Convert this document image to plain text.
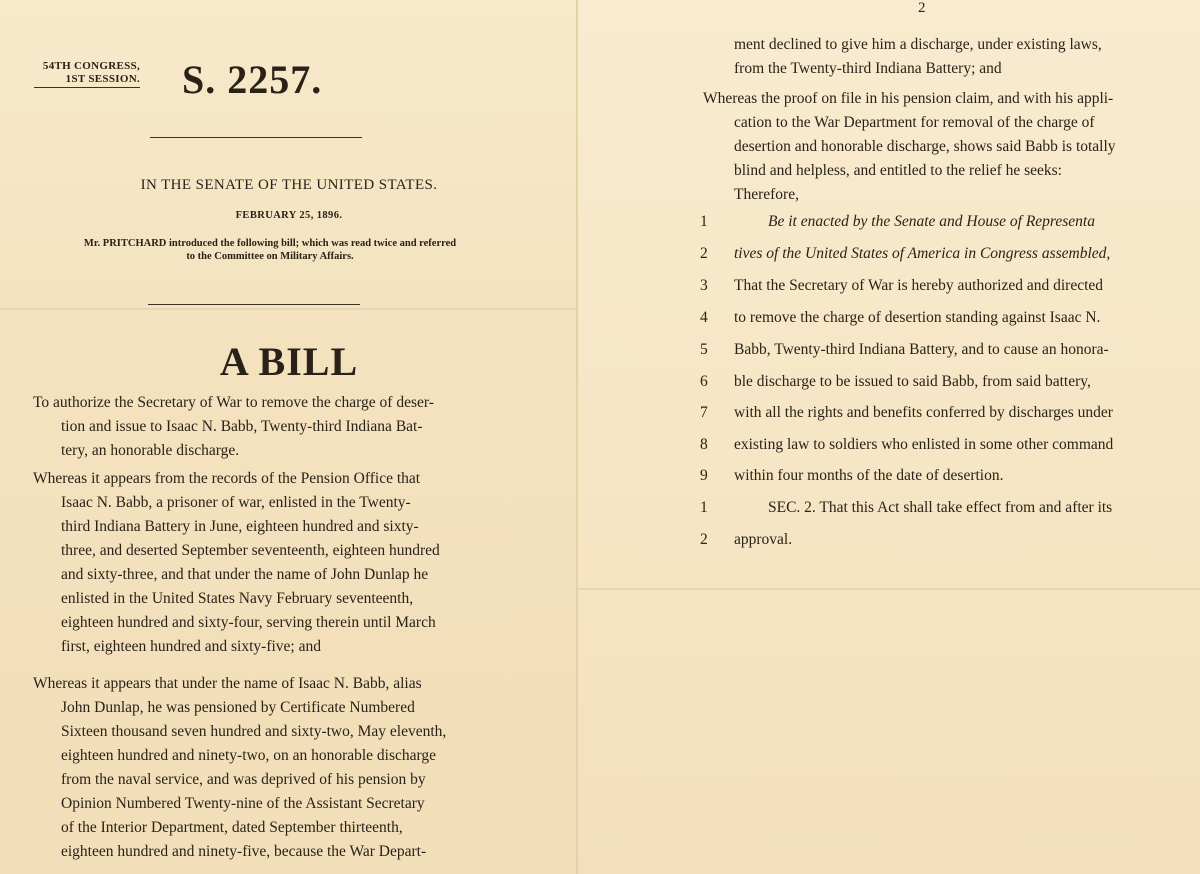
54TH CONGRESS,
1ST SESSION. S. 2257.
IN THE SENATE OF THE UNITED STATES.
FEBRUARY 25, 1896.
Mr. PRITCHARD introduced the following bill; which was read twice and referred
to the Committee on Military Affairs.
A BILL
To authorize the Secretary of War to remove the charge of deser-
tion and issue to Isaac N. Babb, Twenty-third Indiana Bat-
tery, an honorable discharge.
Whereas it appears from the records of the Pension Office that
Isaac N. Babb, a prisoner of war, enlisted in the Twenty-
third Indiana Battery in June, eighteen hundred and sixty-
three, and deserted September seventeenth, eighteen hundred
and sixty-three, and that under the name of John Dunlap he
enlisted in the United States Navy February seventeenth,
eighteen hundred and sixty-four, serving therein until March
first, eighteen hundred and sixty-five; and
Whereas it appears that under the name of Isaac N. Babb, alias
John Dunlap, he was pensioned by Certificate Numbered
Sixteen thousand seven hundred and sixty-two, May eleventh,
eighteen hundred and ninety-two, on an honorable discharge
from the naval service, and was deprived of his pension by
Opinion Numbered Twenty-nine of the Assistant Secretary
of the Interior Department, dated September thirteenth,
eighteen hundred and ninety-five, because the War Depart-
2
ment declined to give him a discharge, under existing laws,
from the Twenty-third Indiana Battery; and
Whereas the proof on file in his pension claim, and with his appli-
cation to the War Department for removal of the charge of
desertion and honorable discharge, shows said Babb is totally
blind and helpless, and entitled to the relief he seeks:
Therefore,
1	Be it enacted by the Senate and House of Representa
2 tives of the United States of America in Congress assembled,
3 That the Secretary of War is hereby authorized and directed
4 to remove the charge of desertion standing against Isaac N.
5 Babb, Twenty-third Indiana Battery, and to cause an honora-
6 ble discharge to be issued to said Babb, from said battery,
7 with all the rights and benefits conferred by discharges under
8 existing law to soldiers who enlisted in some other command
9 within four months of the date of desertion.
1	SEC. 2. That this Act shall take effect from and after its
2 approval.
